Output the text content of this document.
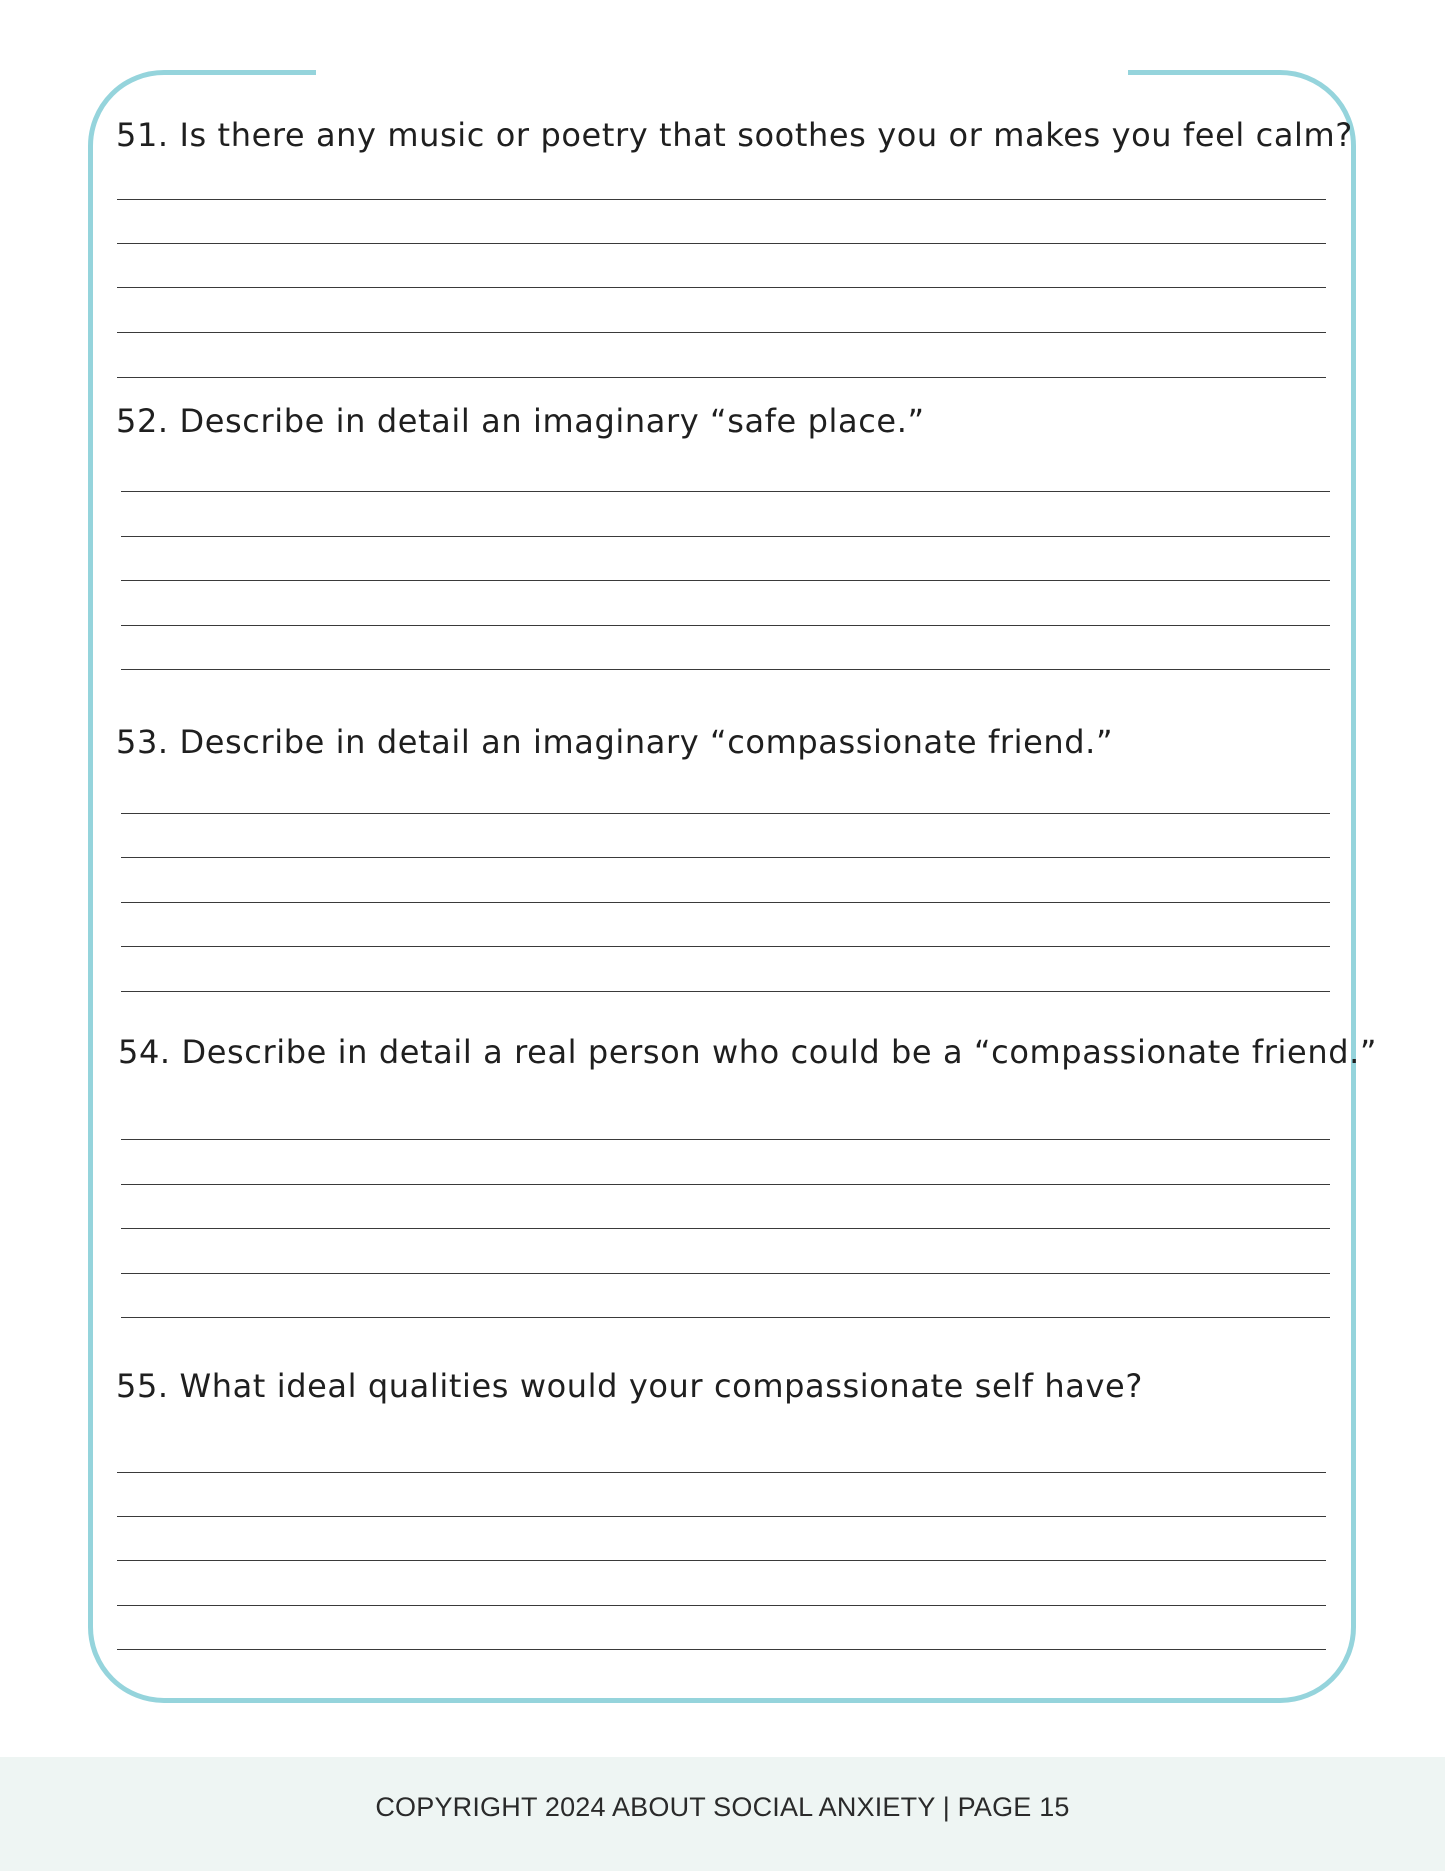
51. Is there any music or poetry that soothes you or makes you feel calm?
52. Describe in detail an imaginary “safe place.”
53. Describe in detail an imaginary “compassionate friend.”
54. Describe in detail a real person who could be a “compassionate friend.”
55. What ideal qualities would your compassionate self have?
COPYRIGHT 2024 ABOUT SOCIAL ANXIETY | PAGE 15
